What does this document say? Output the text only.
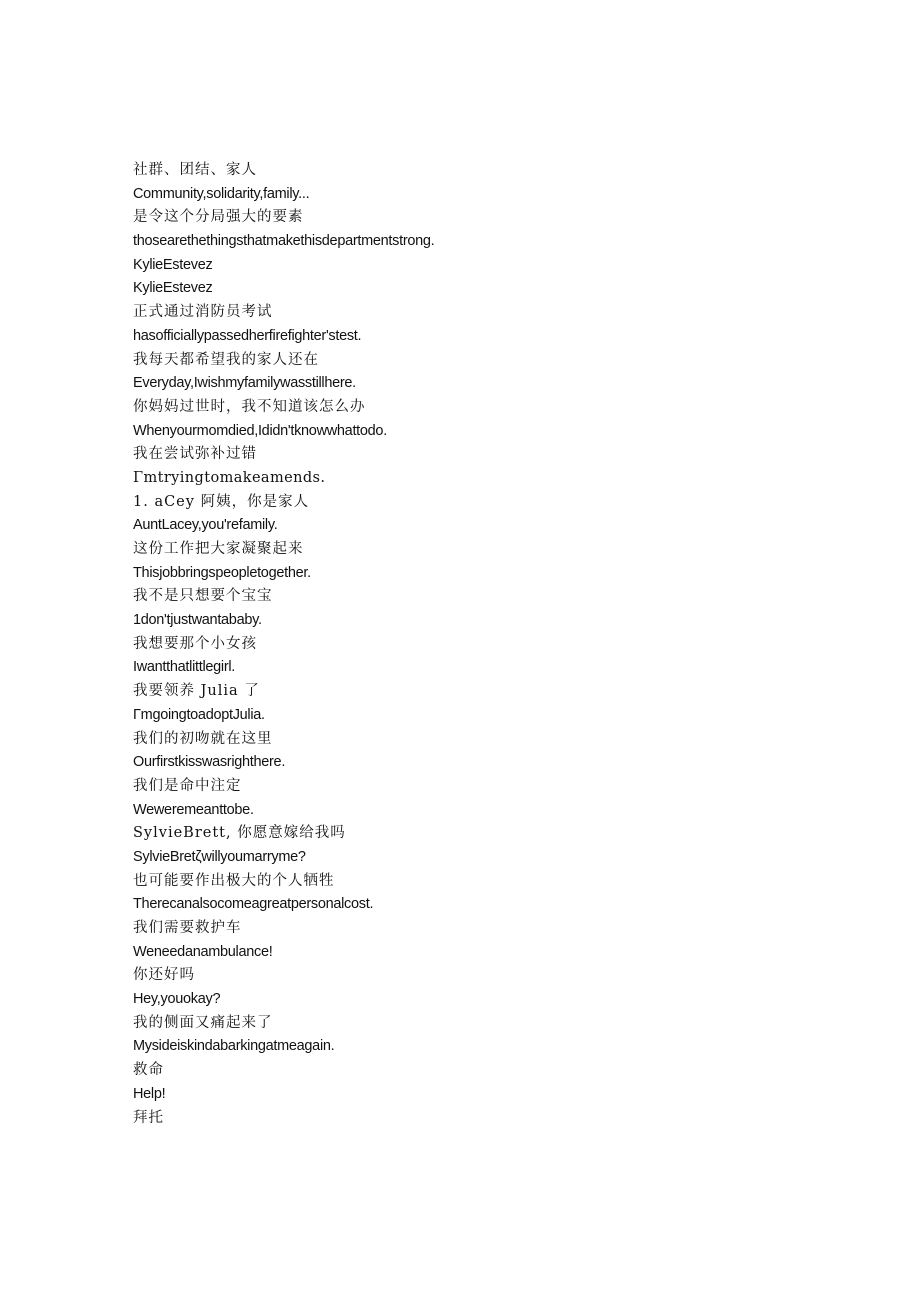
社群、团结、家人
Community,solidarity,family...
是令这个分局强大的要素
thosearethethingsthatmakethisdepartmentstrong.
KylieEstevez
KylieEstevez
正式通过消防员考试
hasofficiallypassedherfirefighter'stest.
我每天都希望我的家人还在
Everyday,Iwishmyfamilywasstillhere.
你妈妈过世时，我不知道该怎么办
Whenyourmomdied,Ididn'tknowwhattodo.
我在尝试弥补过错
Γmtryingtomakeamends.
1. aCey 阿姨，你是家人
AuntLacey,you'refamily.
这份工作把大家凝聚起来
Thisjobbringspeopletogether.
我不是只想要个宝宝
1don'tjustwantababy.
我想要那个小女孩
Iwantthatlittlegirl.
我要领养 Julia 了
ΓmgoingtoadoptJulia.
我们的初吻就在这里
Ourfirstkisswasrighthere.
我们是命中注定
Weweremeanttobe.
SylvieBrett, 你愿意嫁给我吗
SylvieBretζwillyoumarryme?
也可能要作出极大的个人牺牲
Therecanalsocomeagreatpersonalcost.
我们需要救护车
Weneedanambulance!
你还好吗
Hey,youokay?
我的侧面又痛起来了
Mysideiskindabarkingatmeagain.
救命
Help!
拜托
